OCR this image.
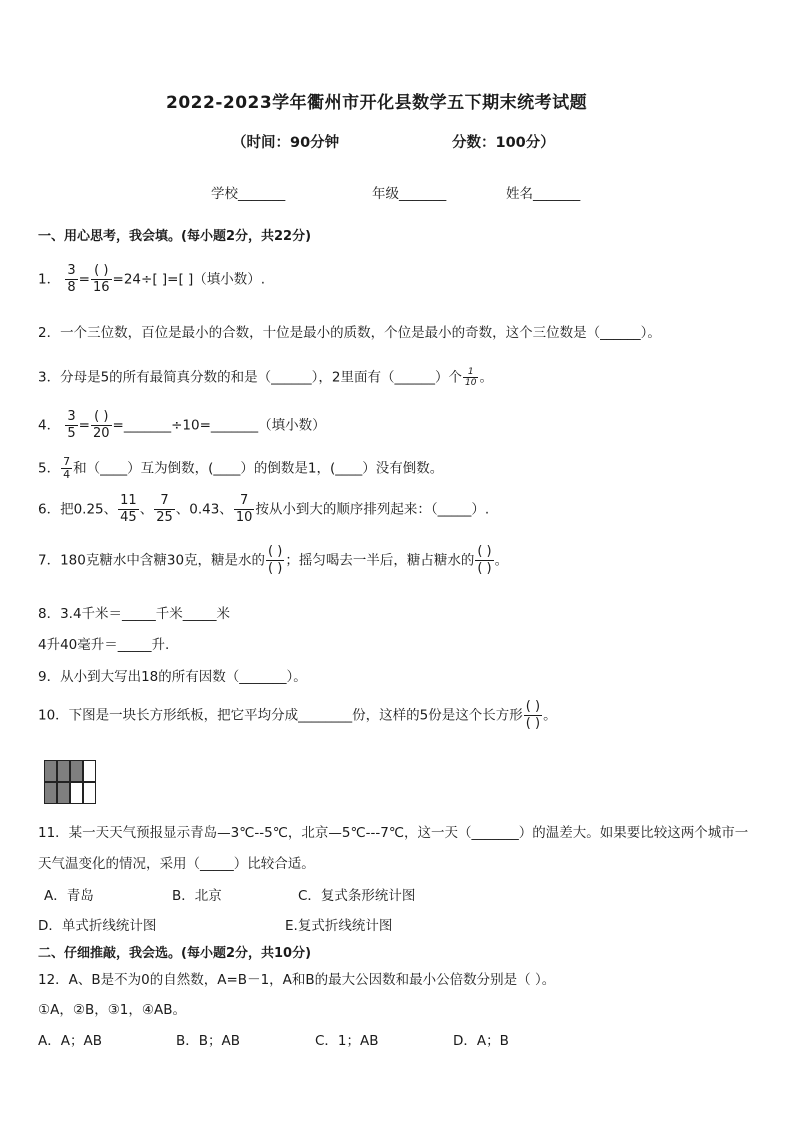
2022-2023学年衢州市开化县数学五下期末统考试题
（时间：90分钟	分数：100分）
学校_______	年级_______	姓名_______
一、用心思考，我会填。(每小题2分，共22分)
1． $\frac{3}{8} = \frac{( )}{16} =24\div$[ ]=[ ]（填小数）.
2．一个三位数，百位是最小的合数，十位是最小的质数，个位是最小的奇数，这个三位数是（______）。
3．分母是5的所有最简真分数的和是（______），2里面有（______）个 $\frac{1}{10}$ 。
4． $\frac{3}{5} = \frac{( )}{20}$ =_______÷10=_______（填小数）
5． $\frac{7}{4}$ 和（____）互为倒数，(____）的倒数是1，(____）没有倒数。
6．把0.25、 $\frac{11}{45}$ 、 $\frac{7}{25}$ 、0.43、 $\frac{7}{10}$ 按从小到大的顺序排列起来：（_____）.
7．180克糖水中含糖30克，糖是水的 $\frac{( )}{( )}$ ；摇匀喝去一半后，糖占糖水的 $\frac{( )}{( )}$ 。
8．3.4千米＝_____千米_____米
4升40毫升＝_____升.
9．从小到大写出18的所有因数（_______）。
10．下图是一块长方形纸板，把它平均分成________份，这样的5份是这个长方形 $\frac{( )}{( )}$ 。
11．某一天天气预报显示青岛—3℃--5℃，北京—5℃---7℃，这一天（_______）的温差大。如果要比较这两个城市一
天气温变化的情况，采用（_____）比较合适。
A．青岛	B．北京	C．复式条形统计图
D．单式折线统计图	E.复式折线统计图
二、仔细推敲，我会选。(每小题2分，共10分)
12．A、B是不为0的自然数，A=B－1，A和B的最大公因数和最小公倍数分别是（ ）。
①A，②B，③1，④AB。
A．A；AB	B．B；AB	C．1；AB	D．A；B
